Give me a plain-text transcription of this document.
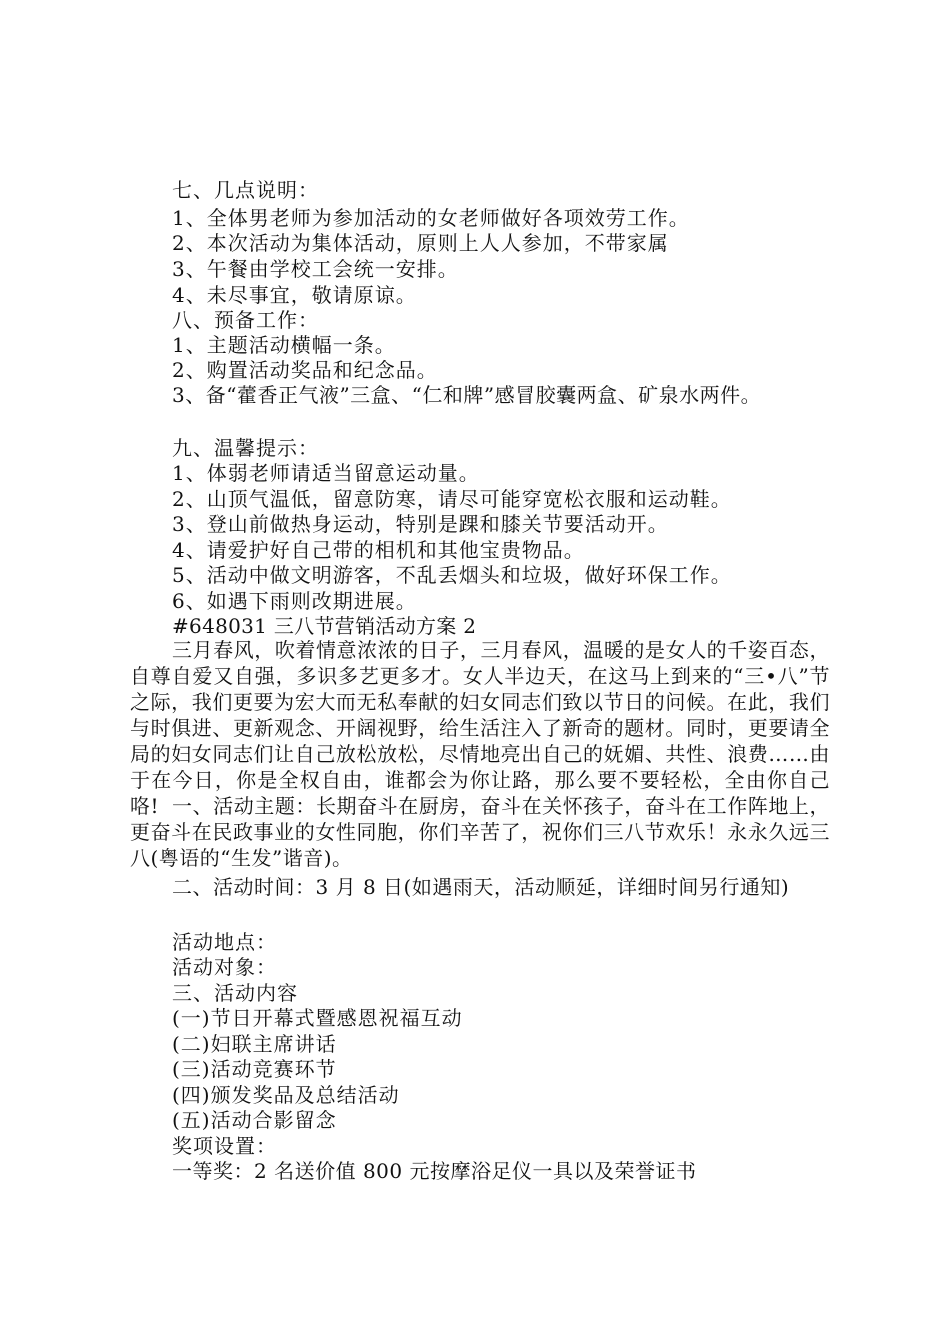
七、几点说明：
1、全体男老师为参加活动的女老师做好各项效劳工作。
2、本次活动为集体活动，原则上人人参加，不带家属
3、午餐由学校工会统一安排。
4、未尽事宜，敬请原谅。
八、预备工作：
1、主题活动横幅一条。
2、购置活动奖品和纪念品。
3、备“藿香正气液”三盒、“仁和牌”感冒胶囊两盒、矿泉水两件。
九、温馨提示：
1、体弱老师请适当留意运动量。
2、山顶气温低，留意防寒，请尽可能穿宽松衣服和运动鞋。
3、登山前做热身运动，特别是踝和膝关节要活动开。
4、请爱护好自己带的相机和其他宝贵物品。
5、活动中做文明游客，不乱丢烟头和垃圾，做好环保工作。
6、如遇下雨则改期进展。
#648031 三八节营销活动方案 2
三月春风，吹着情意浓浓的日子，三月春风，温暖的是女人的千姿百态，自尊自爱又自强，多识多艺更多才。女人半边天，在这马上到来的“三•八”节之际，我们更要为宏大而无私奉献的妇女同志们致以节日的问候。在此，我们与时俱进、更新观念、开阔视野，给生活注入了新奇的题材。同时，更要请全局的妇女同志们让自己放松放松，尽情地亮出自己的妩媚、共性、浪费……由于在今日，你是全权自由，谁都会为你让路，那么要不要轻松，全由你自己咯! 一、活动主题：长期奋斗在厨房，奋斗在关怀孩子，奋斗在工作阵地上，更奋斗在民政事业的女性同胞，你们辛苦了，祝你们三八节欢乐！永永久远三八(粤语的“生发”谐音)。
二、活动时间：3 月 8 日(如遇雨天，活动顺延，详细时间另行通知)
活动地点：
活动对象：
三、活动内容
(一)节日开幕式暨感恩祝福互动
(二)妇联主席讲话
(三)活动竞赛环节
(四)颁发奖品及总结活动
(五)活动合影留念
奖项设置：
一等奖：2 名送价值 800 元按摩浴足仪一具以及荣誉证书
